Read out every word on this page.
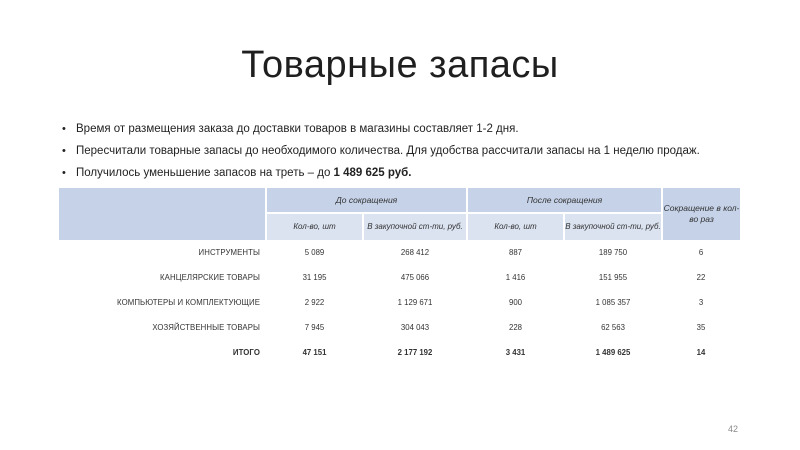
Товарные запасы
• Время от размещения заказа до доставки товаров в магазины составляет 1-2 дня.
• Пересчитали товарные запасы до необходимого количества. Для удобства рассчитали запасы на 1 неделю продаж.
• Получилось уменьшение запасов на треть – до 1 489 625 руб.
	До сокращения		После сокращения		Сокращение в кол-во раз
	Кол-во, шт	В закупочной ст-ти, руб.	Кол-во, шт	В закупочной ст-ти, руб.	
ИНСТРУМЕНТЫ	5 089	268 412	887	189 750	6
КАНЦЕЛЯРСКИЕ ТОВАРЫ	31 195	475 066	1 416	151 955	22
КОМПЬЮТЕРЫ И КОМПЛЕКТУЮЩИЕ	2 922	1 129 671	900	1 085 357	3
ХОЗЯЙСТВЕННЫЕ ТОВАРЫ	7 945	304 043	228	62 563	35
ИТОГО	47 151	2 177 192	3 431	1 489 625	14
42
